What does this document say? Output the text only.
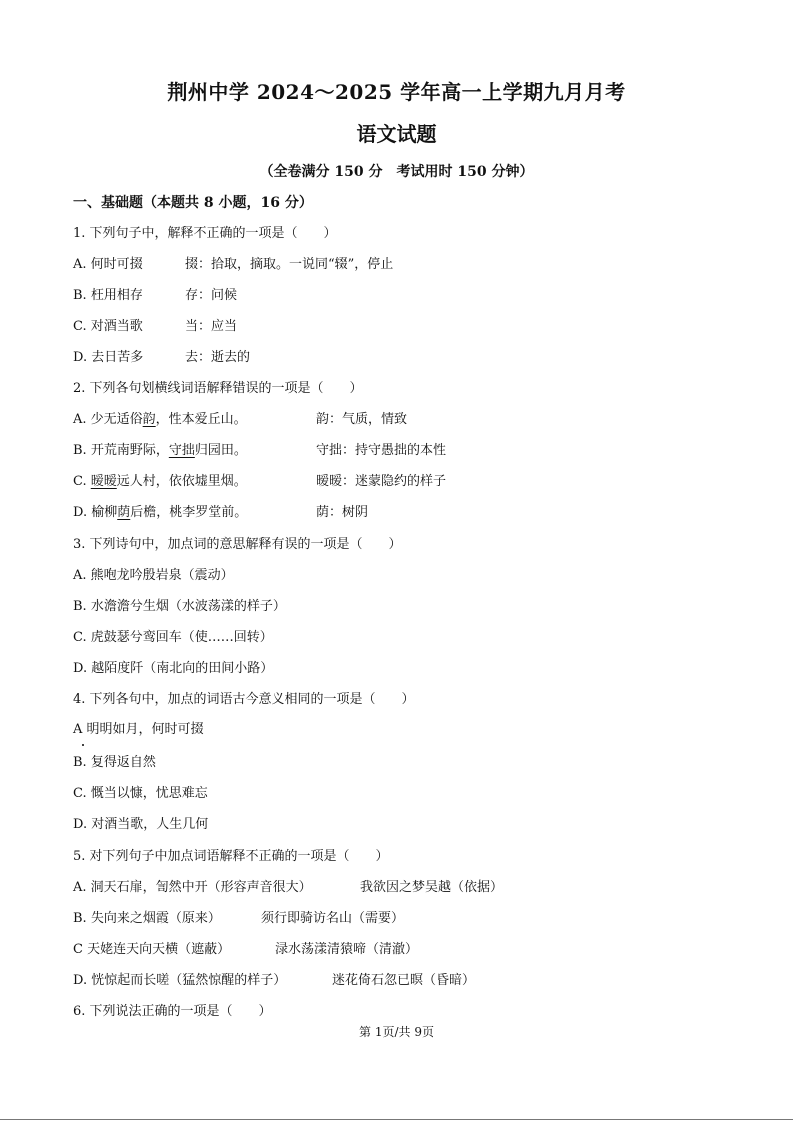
荆州中学 2024～2025 学年高一上学期九月月考
语文试题
（全卷满分 150 分　考试用时 150 分钟）
一、基础题（本题共 8 小题，16 分）
1. 下列句子中，解释不正确的一项是（　　）
A. 何时可掇	掇：拾取，摘取。一说同“辍”，停止
B. 枉用相存	存：问候
C. 对酒当歌	当：应当
D. 去日苦多	去：逝去的
2. 下列各句划横线词语解释错误的一项是（　　）
A. 少无适俗韵，性本爱丘山。	韵：气质，情致
B. 开荒南野际，守拙归园田。	守拙：持守愚拙的本性
C. 暧暧远人村，依依墟里烟。	暧暧：迷蒙隐约的样子
D. 榆柳荫后檐，桃李罗堂前。	荫：树阴
3. 下列诗句中，加点词的意思解释有误的一项是（　　）
A. 熊咆龙吟殷岩泉（震动）
B. 水澹澹兮生烟（水波荡漾的样子）
C. 虎鼓瑟兮鸾回车（使……回转）
D. 越陌度阡（南北向的田间小路）
4. 下列各句中，加点的词语古今意义相同的一项是（　　）
A 明明如月，何时可掇
B. 复得返自然
C. 慨当以慷，忧思难忘
D. 对酒当歌，人生几何
5. 对下列句子中加点词语解释不正确的一项是（　　）
A. 洞天石扉，訇然中开（形容声音很大）	我欲因之梦吴越（依据）
B. 失向来之烟霞（原来）	须行即骑访名山（需要）
C 天姥连天向天横（遮蔽）	渌水荡漾清猿啼（清澈）
D. 恍惊起而长嗟（猛然惊醒的样子）	迷花倚石忽已暝（昏暗）
6. 下列说法正确的一项是（　　）
第 1页/共 9页
